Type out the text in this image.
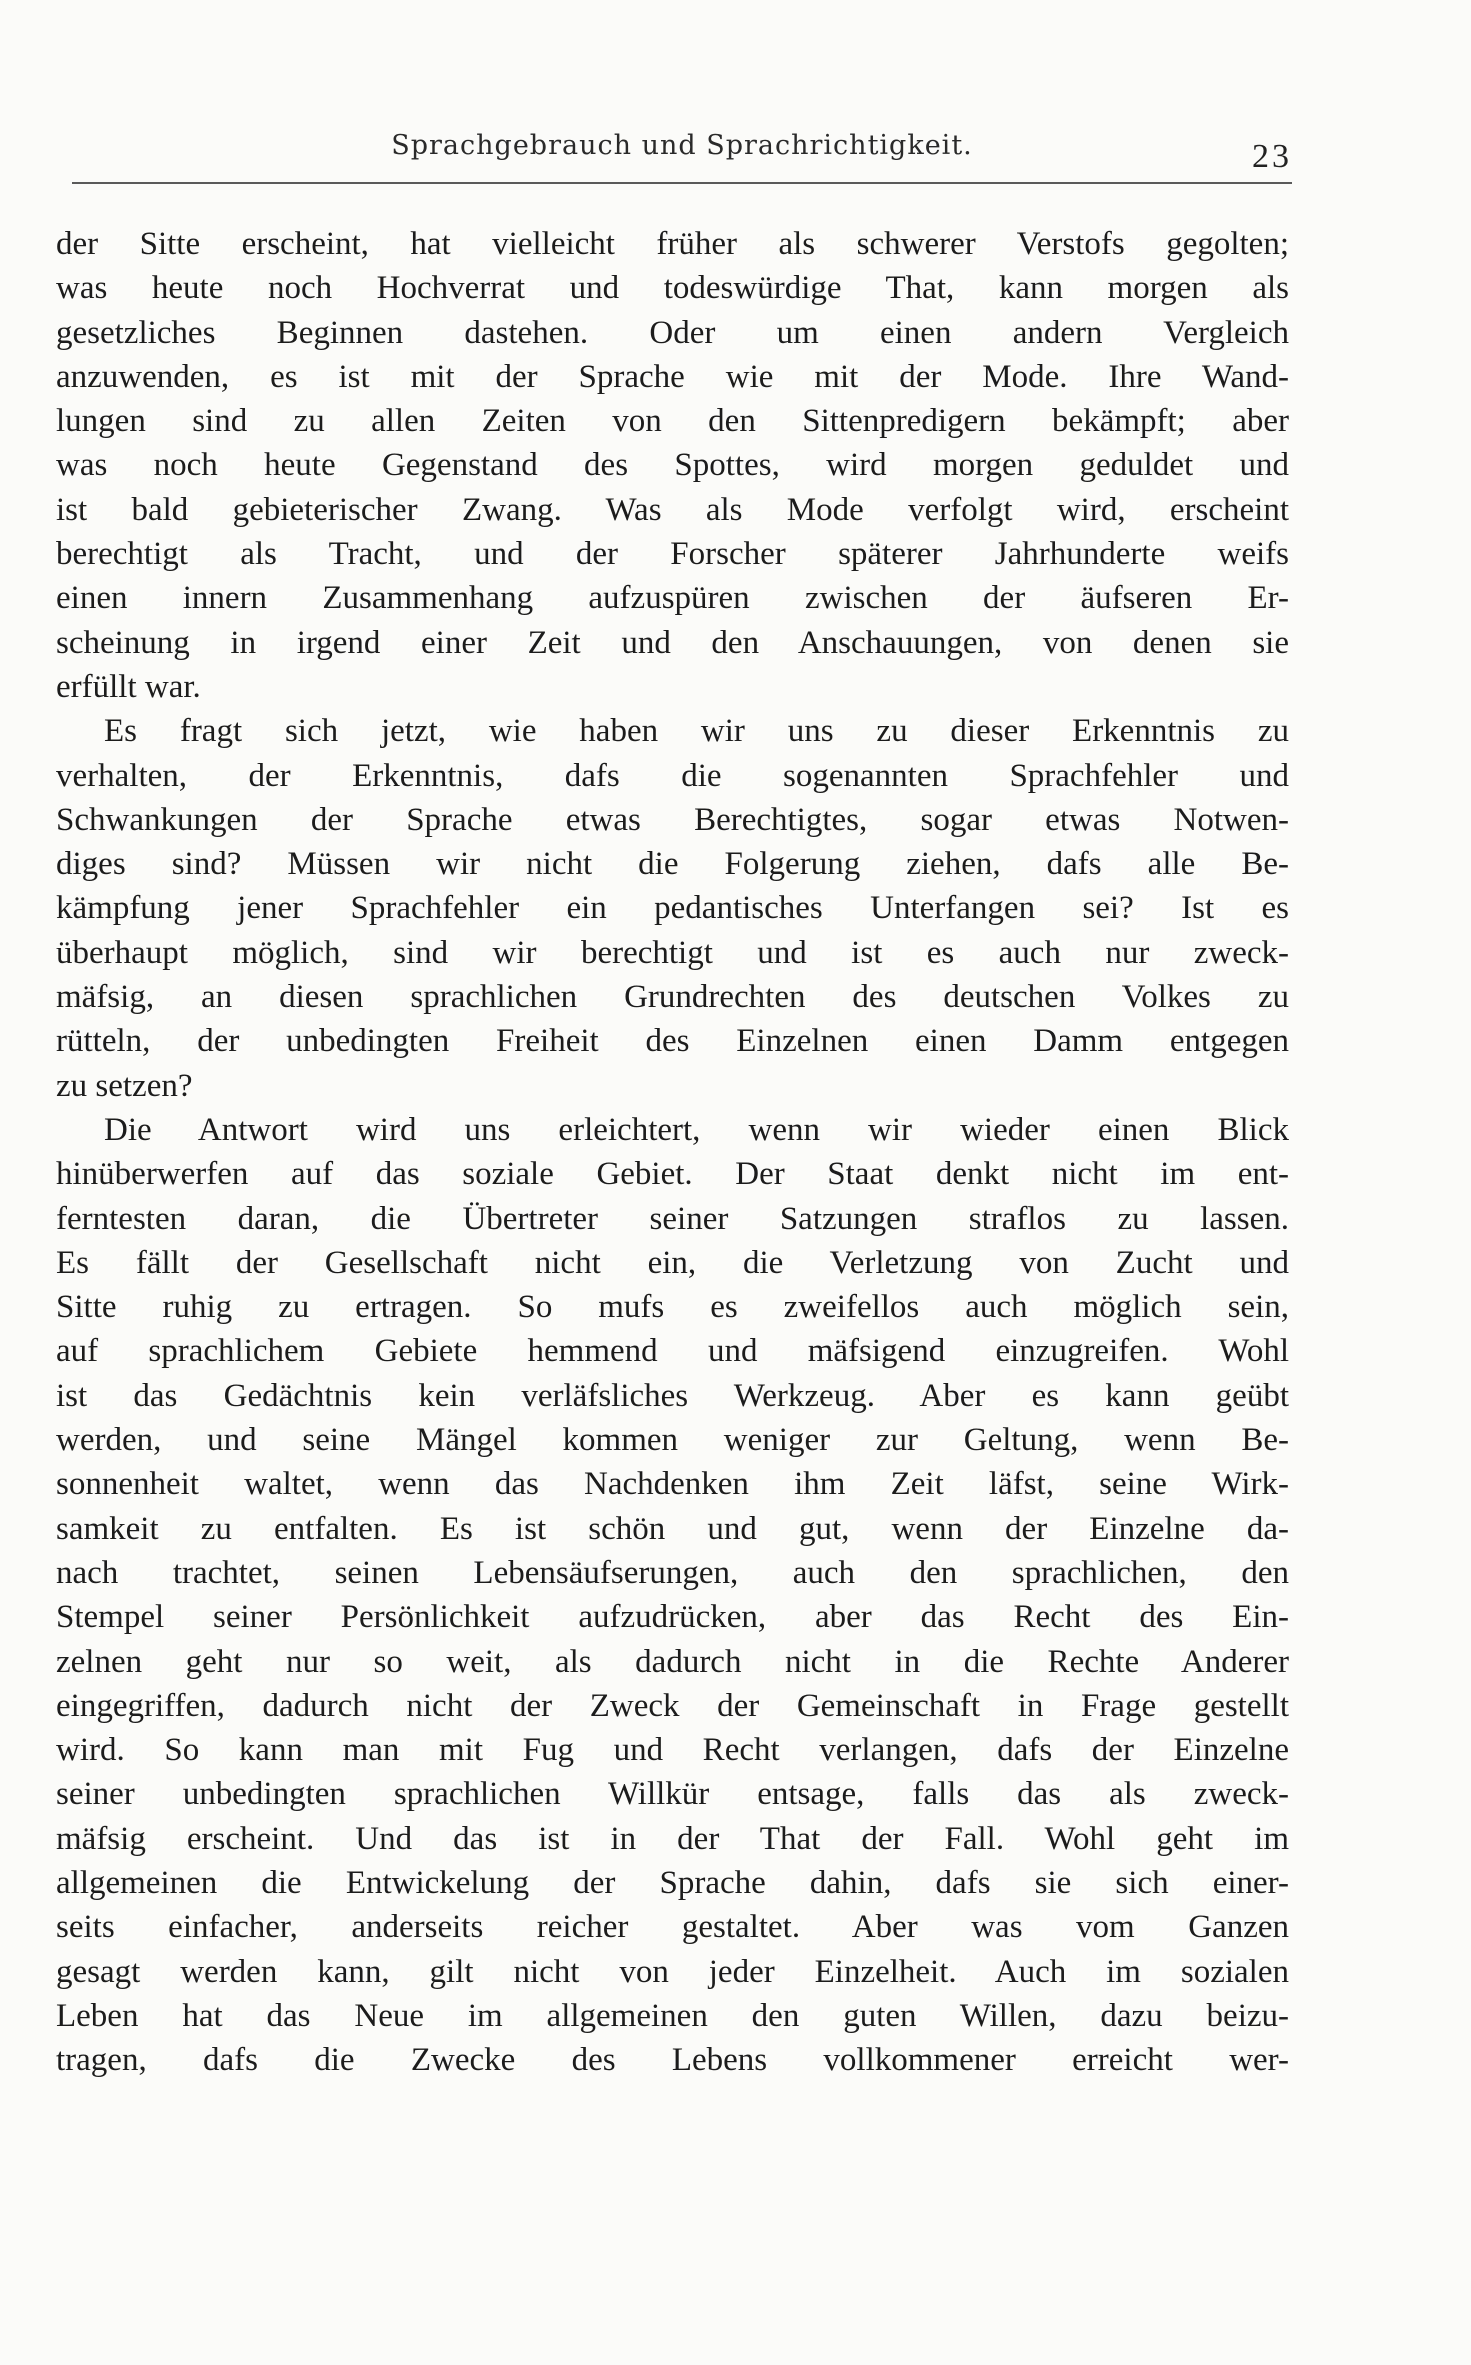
Sprachgebrauch und Sprachrichtigkeit.	23
der Sitte erscheint, hat vielleicht früher als schwerer Verstofs gegolten;
was heute noch Hochverrat und todeswürdige That, kann morgen als
gesetzliches Beginnen dastehen. Oder um einen andern Vergleich
anzuwenden, es ist mit der Sprache wie mit der Mode. Ihre Wand-
lungen sind zu allen Zeiten von den Sittenpredigern bekämpft; aber
was noch heute Gegenstand des Spottes, wird morgen geduldet und
ist bald gebieterischer Zwang. Was als Mode verfolgt wird, erscheint
berechtigt als Tracht, und der Forscher späterer Jahrhunderte weifs
einen innern Zusammenhang aufzuspüren zwischen der äufseren Er-
scheinung in irgend einer Zeit und den Anschauungen, von denen sie
erfüllt war.
Es fragt sich jetzt, wie haben wir uns zu dieser Erkenntnis zu
verhalten, der Erkenntnis, dafs die sogenannten Sprachfehler und
Schwankungen der Sprache etwas Berechtigtes, sogar etwas Notwen-
diges sind? Müssen wir nicht die Folgerung ziehen, dafs alle Be-
kämpfung jener Sprachfehler ein pedantisches Unterfangen sei? Ist es
überhaupt möglich, sind wir berechtigt und ist es auch nur zweck-
mäfsig, an diesen sprachlichen Grundrechten des deutschen Volkes zu
rütteln, der unbedingten Freiheit des Einzelnen einen Damm entgegen
zu setzen?
Die Antwort wird uns erleichtert, wenn wir wieder einen Blick
hinüberwerfen auf das soziale Gebiet. Der Staat denkt nicht im ent-
ferntesten daran, die Übertreter seiner Satzungen straflos zu lassen.
Es fällt der Gesellschaft nicht ein, die Verletzung von Zucht und
Sitte ruhig zu ertragen. So mufs es zweifellos auch möglich sein,
auf sprachlichem Gebiete hemmend und mäfsigend einzugreifen. Wohl
ist das Gedächtnis kein verläfsliches Werkzeug. Aber es kann geübt
werden, und seine Mängel kommen weniger zur Geltung, wenn Be-
sonnenheit waltet, wenn das Nachdenken ihm Zeit läfst, seine Wirk-
samkeit zu entfalten. Es ist schön und gut, wenn der Einzelne da-
nach trachtet, seinen Lebensäufserungen, auch den sprachlichen, den
Stempel seiner Persönlichkeit aufzudrücken, aber das Recht des Ein-
zelnen geht nur so weit, als dadurch nicht in die Rechte Anderer
eingegriffen, dadurch nicht der Zweck der Gemeinschaft in Frage gestellt
wird. So kann man mit Fug und Recht verlangen, dafs der Einzelne
seiner unbedingten sprachlichen Willkür entsage, falls das als zweck-
mäfsig erscheint. Und das ist in der That der Fall. Wohl geht im
allgemeinen die Entwickelung der Sprache dahin, dafs sie sich einer-
seits einfacher, anderseits reicher gestaltet. Aber was vom Ganzen
gesagt werden kann, gilt nicht von jeder Einzelheit. Auch im sozialen
Leben hat das Neue im allgemeinen den guten Willen, dazu beizu-
tragen, dafs die Zwecke des Lebens vollkommener erreicht wer-
